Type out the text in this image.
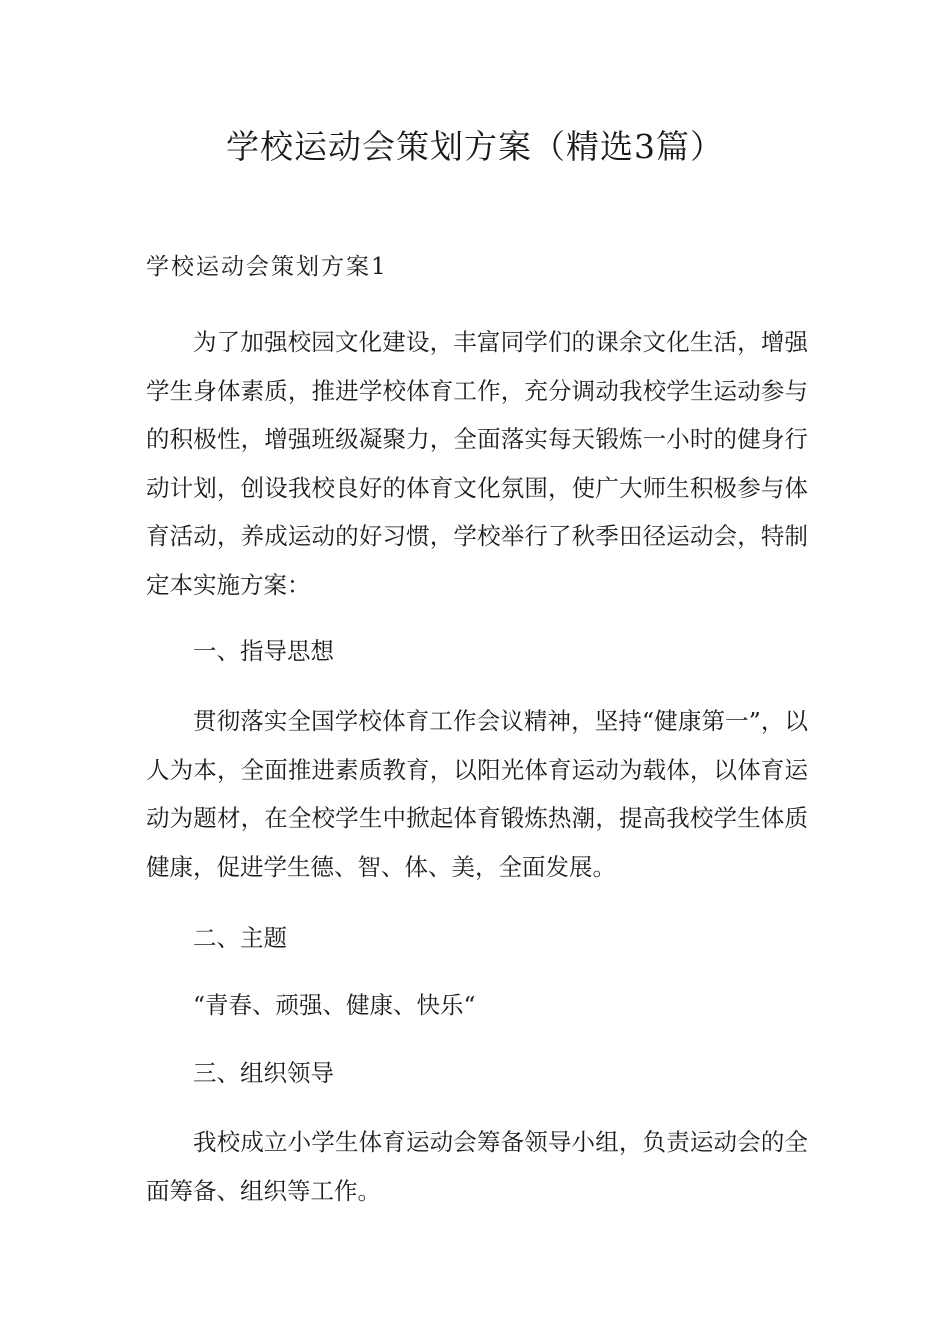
学校运动会策划方案（精选3篇）
学校运动会策划方案1

为了加强校园文化建设，丰富同学们的课余文化生活，增强学生身体素质，推进学校体育工作，充分调动我校学生运动参与的积极性，增强班级凝聚力，全面落实每天锻炼一小时的健身行动计划，创设我校良好的体育文化氛围，使广大师生积极参与体育活动，养成运动的好习惯，学校举行了秋季田径运动会，特制定本实施方案：

一、指导思想

贯彻落实全国学校体育工作会议精神，坚持“健康第一”，以人为本，全面推进素质教育，以阳光体育运动为载体，以体育运动为题材，在全校学生中掀起体育锻炼热潮，提高我校学生体质健康，促进学生德、智、体、美，全面发展。

二、主题

“青春、顽强、健康、快乐“

三、组织领导

我校成立小学生体育运动会筹备领导小组，负责运动会的全面筹备、组织等工作。
